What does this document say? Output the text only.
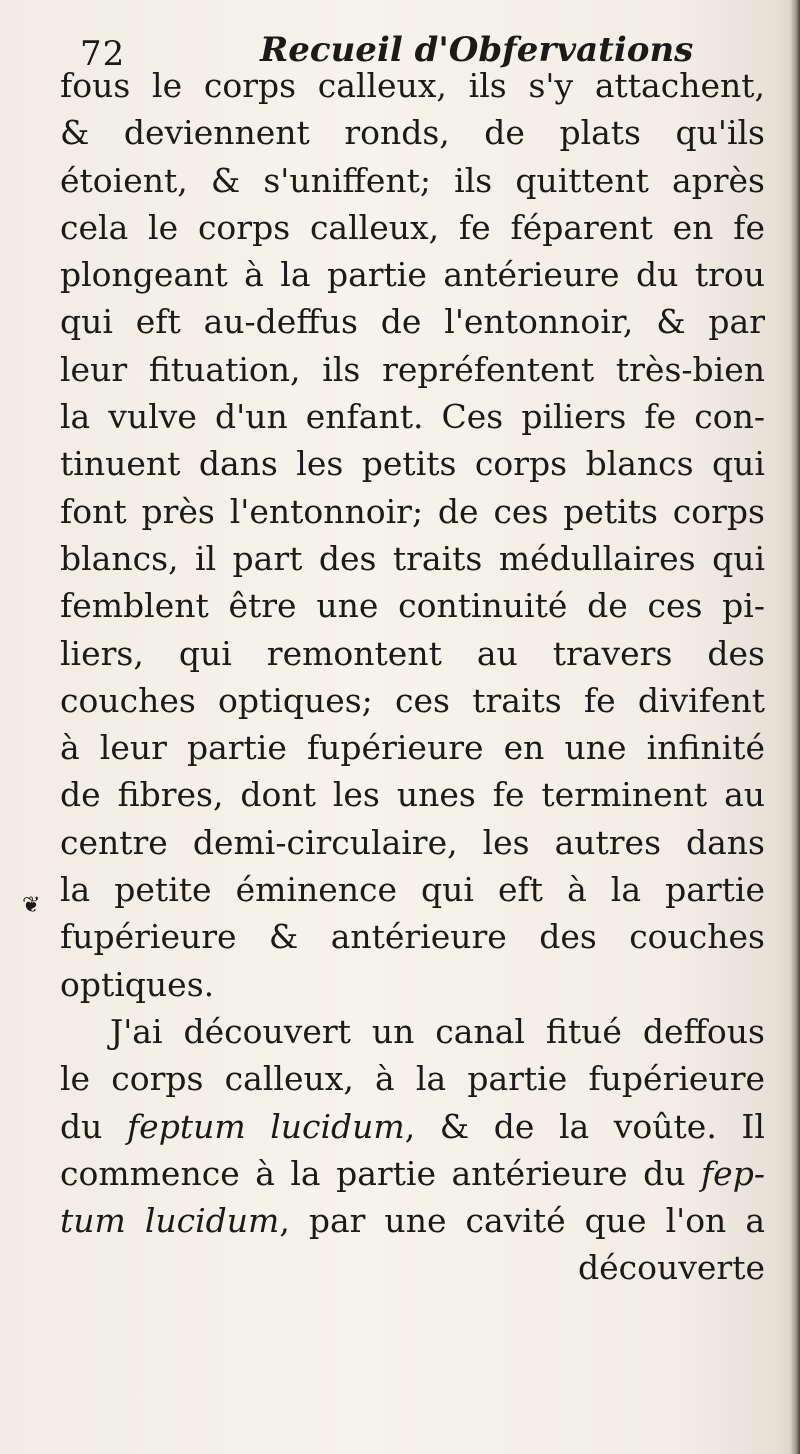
72	Recueil d'Obfervations
❦
fous le corps calleux, ils s'y attachent,
& deviennent ronds, de plats qu'ils
étoient, & s'uniffent; ils quittent après
cela le corps calleux, fe féparent en fe
plongeant à la partie antérieure du trou
qui eft au-deffus de l'entonnoir, & par
leur fituation, ils repréfentent très-bien
la vulve d'un enfant. Ces piliers fe con-
tinuent dans les petits corps blancs qui
font près l'entonnoir; de ces petits corps
blancs, il part des traits médullaires qui
femblent être une continuité de ces pi-
liers, qui remontent au travers des
couches optiques; ces traits fe divifent
à leur partie fupérieure en une infinité
de fibres, dont les unes fe terminent au
centre demi-circulaire, les autres dans
la petite éminence qui eft à la partie
fupérieure & antérieure des couches
optiques.
J'ai découvert un canal fitué deffous
le corps calleux, à la partie fupérieure
du feptum lucidum, & de la voûte. Il
commence à la partie antérieure du fep-
tum lucidum, par une cavité que l'on a
découverte
